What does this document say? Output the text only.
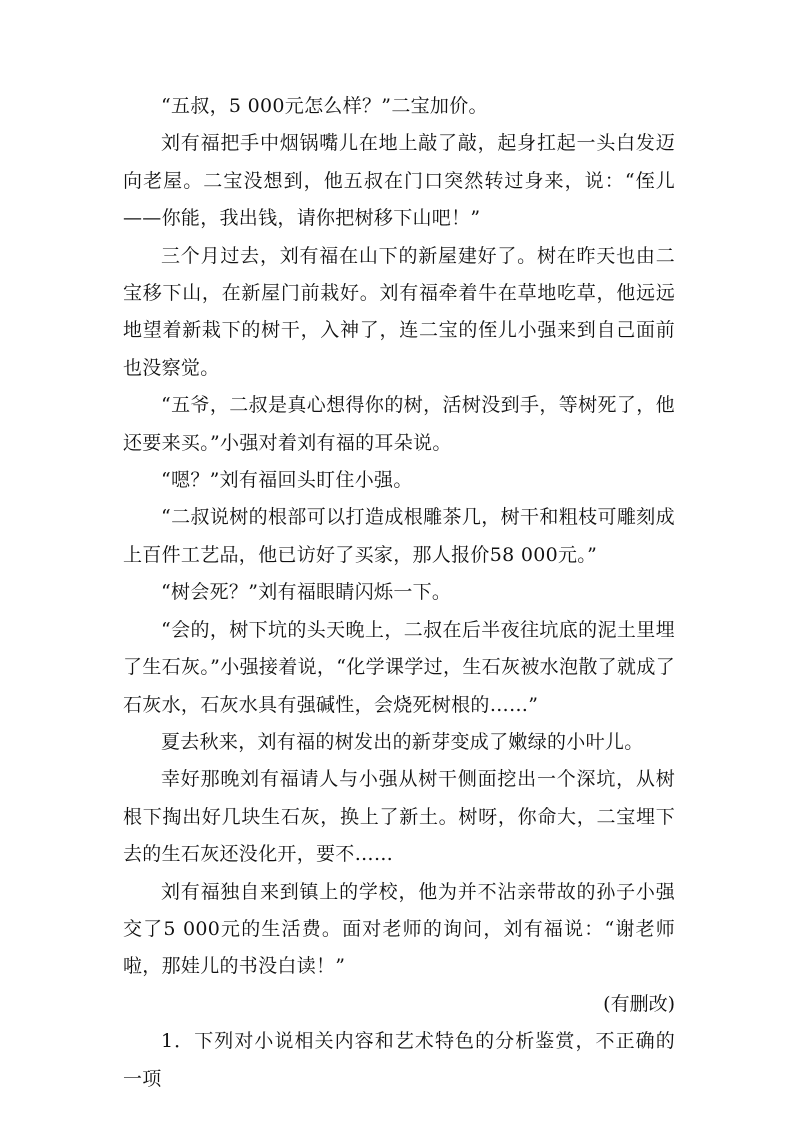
“五叔，5 000元怎么样？”二宝加价。

刘有福把手中烟锅嘴儿在地上敲了敲，起身扛起一头白发迈向老屋。二宝没想到，他五叔在门口突然转过身来，说：“侄儿——你能，我出钱，请你把树移下山吧！”

三个月过去，刘有福在山下的新屋建好了。树在昨天也由二宝移下山，在新屋门前栽好。刘有福牵着牛在草地吃草，他远远地望着新栽下的树干，入神了，连二宝的侄儿小强来到自己面前也没察觉。

“五爷，二叔是真心想得你的树，活树没到手，等树死了，他还要来买。”小强对着刘有福的耳朵说。

“嗯？”刘有福回头盯住小强。

“二叔说树的根部可以打造成根雕茶几，树干和粗枝可雕刻成上百件工艺品，他已访好了买家，那人报价58 000元。”

“树会死？”刘有福眼睛闪烁一下。

“会的，树下坑的头天晚上，二叔在后半夜往坑底的泥土里埋了生石灰。”小强接着说，“化学课学过，生石灰被水泡散了就成了石灰水，石灰水具有强碱性，会烧死树根的……”

夏去秋来，刘有福的树发出的新芽变成了嫩绿的小叶儿。

幸好那晚刘有福请人与小强从树干侧面挖出一个深坑，从树根下掏出好几块生石灰，换上了新土。树呀，你命大，二宝埋下去的生石灰还没化开，要不……

刘有福独自来到镇上的学校，他为并不沾亲带故的孙子小强交了5 000元的生活费。面对老师的询问，刘有福说：“谢老师啦，那娃儿的书没白读！”

(有删改)

1．下列对小说相关内容和艺术特色的分析鉴赏，不正确的一项
